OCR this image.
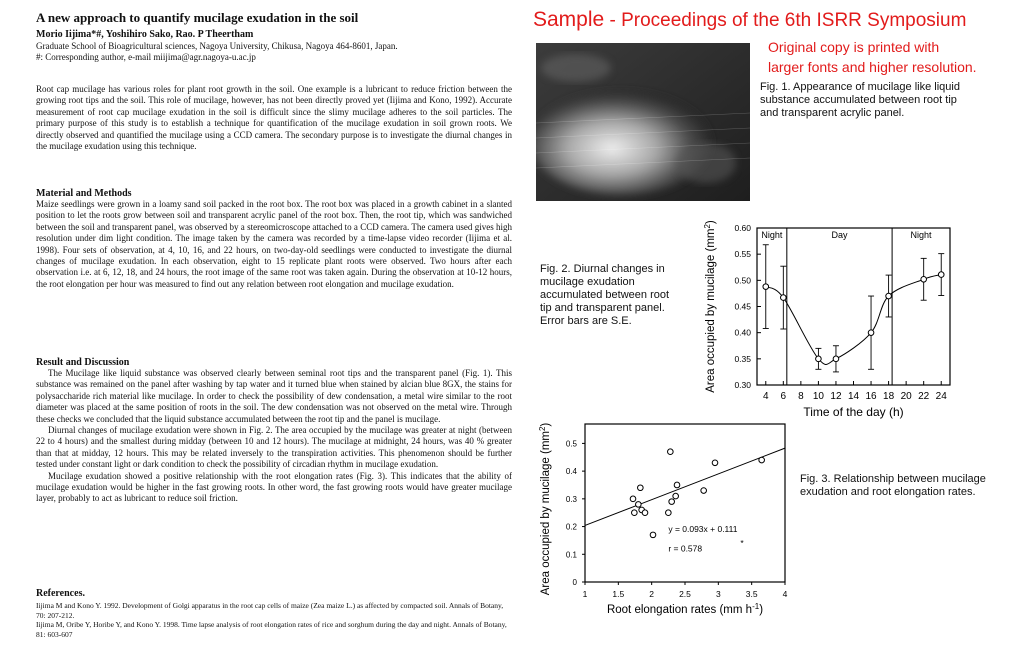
A new approach to quantify mucilage exudation in the soil
Morio Iijima*#, Yoshihiro Sako, Rao. P Theertham
Graduate School of Bioagricultural sciences, Nagoya University, Chikusa, Nagoya 464-8601, Japan.
#: Corresponding author, e-mail miijima@agr.nagoya-u.ac.jp
Root cap mucilage has various roles for plant root growth in the soil. One example is a lubricant to reduce friction between the growing root tips and the soil. This role of mucilage, however, has not been directly proved yet (Iijima and Kono, 1992). Accurate measurement of root cap mucilage exudation in the soil is difficult since the slimy mucilage adheres to the soil particles. The primary purpose of this study is to establish a technique for quantification of the mucilage exudation in soil grown roots. We directly observed and quantified the mucilage using a CCD camera. The secondary purpose is to investigate the diurnal changes in the mucilage exudation using this technique.
Material and Methods
Maize seedlings were grown in a loamy sand soil packed in the root box. The root box was placed in a growth cabinet in a slanted position to let the roots grow between soil and transparent acrylic panel of the root box. Then, the root tip, which was sandwiched between the soil and transparent panel, was observed by a stereomicroscope attached to a CCD camera. The camera used gives high resolution under dim light condition. The image taken by the camera was recorded by a time-lapse video recorder (Iijima et al. 1998). Four sets of observation, at 4, 10, 16, and 22 hours, on two-day-old seedlings were conducted to investigate the diurnal changes of mucilage exudation. In each observation, eight to 15 replicate plant roots were observed. Two hours after each observation i.e. at 6, 12, 18, and 24 hours, the root image of the same root was taken again. During the observation at 10-12 hours, the root elongation per hour was measured to find out any relation between root elongation and mucilage exudation.
Result and Discussion

The Mucilage like liquid substance was observed clearly between seminal root tips and the transparent panel (Fig. 1). This substance was remained on the panel after washing by tap water and it turned blue when stained by alcian blue 8GX, the stains for polysaccharide rich material like mucilage. In order to check the possibility of dew condensation, a metal wire similar to the root diameter was placed at the same position of roots in the soil. The dew condensation was not observed on the metal wire. Through these checks we concluded that the liquid substance accumulated between the root tip and the panel is mucilage.

Diurnal changes of mucilage exudation were shown in Fig. 2. The area occupied by the mucilage was greater at night (between 22 to 4 hours) and the smallest during midday (between 10 and 12 hours). The mucilage at midnight, 24 hours, was 40 % greater than that at midday, 12 hours. This may be related inversely to the transpiration activities. This phenomenon should be further tested under constant light or dark condition to check the possibility of circadian rhythm in mucilage exudation.

Mucilage exudation showed a positive relationship with the root elongation rates (Fig. 3). This indicates that the ability of mucilage exudation would be higher in the fast growing roots. In other word, the fast growing roots would have greater mucilage layer, probably to act as lubricant to reduce soil friction.

References.
Iijima M and Kono Y. 1992. Development of Golgi apparatus in the root cap cells of maize (Zea maize L.) as affected by compacted soil. Annals of Botany, 70: 207-212.
Iijima M, Oribe Y, Horibe Y, and Kono Y. 1998. Time lapse analysis of root elongation rates of rice and sorghum during the day and night. Annals of Botany, 81: 603-607
Sample - Proceedings of the 6th ISRR Symposium
Original copy is printed with
larger fonts and higher resolution.
Fig. 1. Appearance of mucilage like liquid substance accumulated between root tip and transparent acrylic panel.
Fig. 2. Diurnal changes in mucilage exudation accumulated between root tip and transparent panel. Error bars are S.E.
Fig. 3. Relationship between mucilage exudation and root elongation rates.
Night	Day	Night
0.30
0.35
0.40
0.45
0.50
0.55
0.60
4 6 8 10 12 14 16 18 20 22 24
Time of the day (h)
Area occupied by mucilage $(mm^2)$
0
0.1
0.2
0.3
0.4
0.5
1	1.5	2	2.5	3	3.5	4
y = 0.093x + 0.111
r = 0.578
*
Root elongation rates (mm $h^{-1}$)
Area occupied by mucilage $(mm^2)$
